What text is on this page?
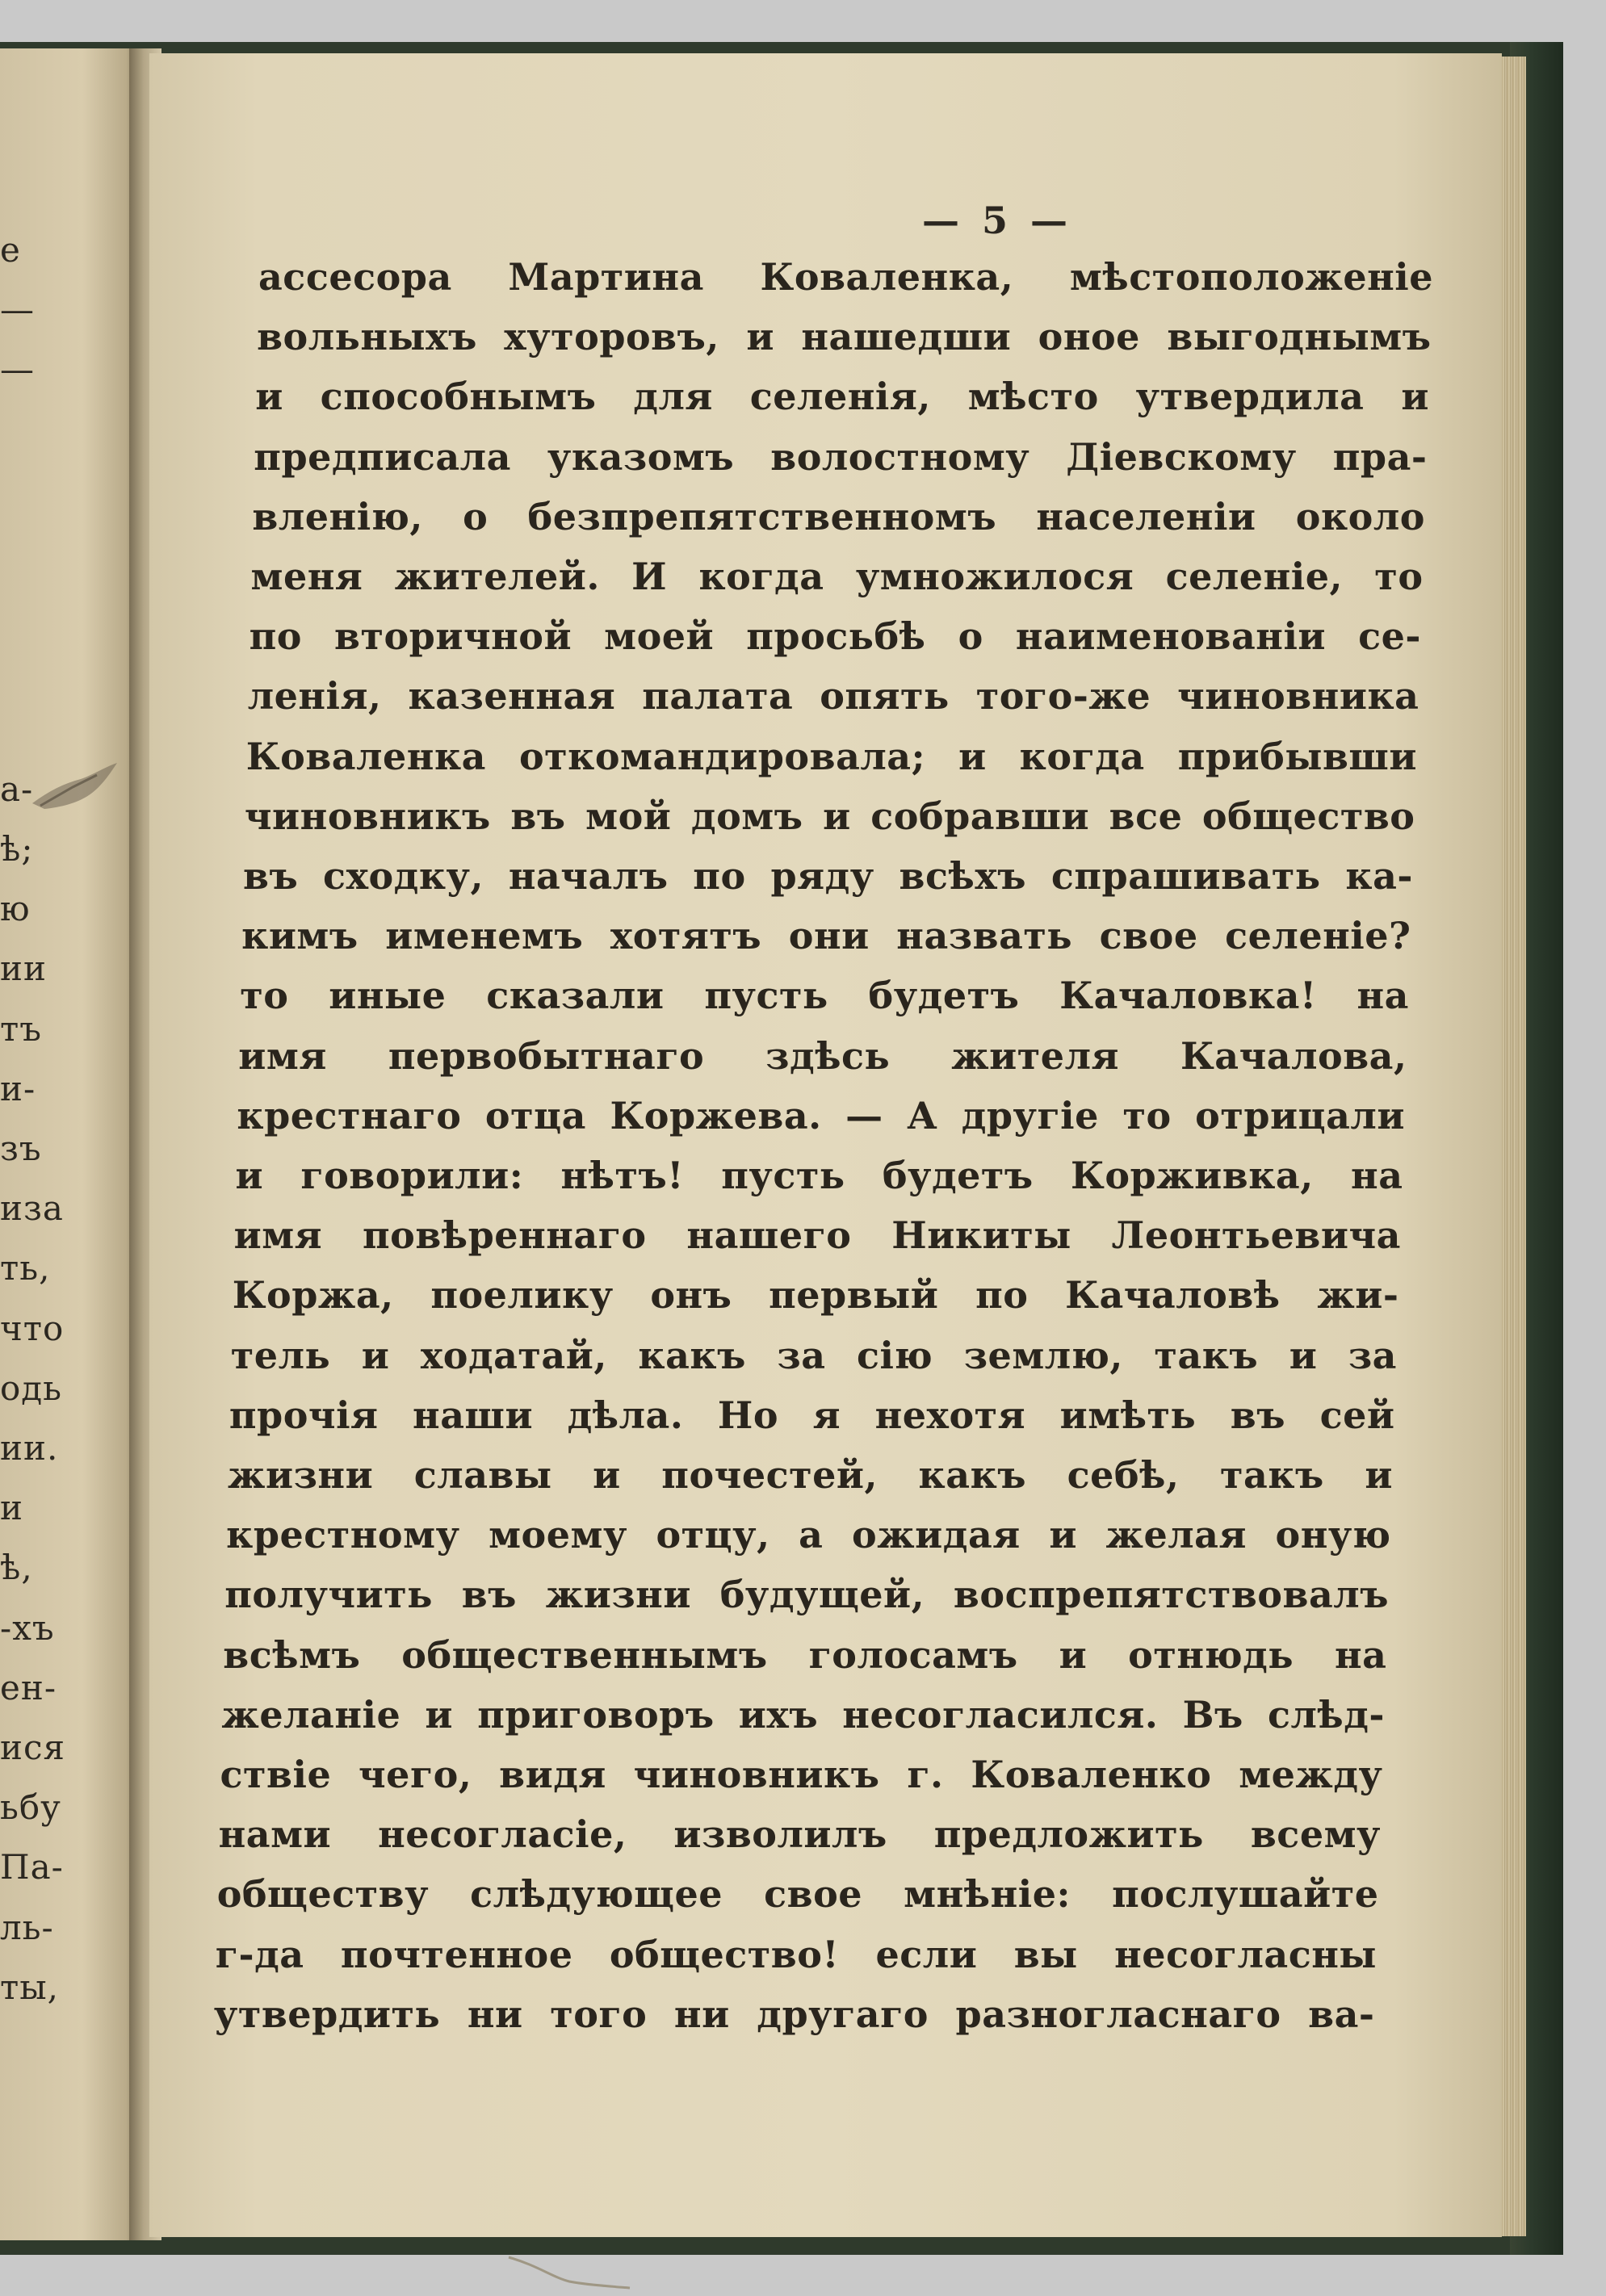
е
—
—
а-
ѣ;
ю
ии
тъ
и-
зъ
иза
ть,
что
одь
ии.
и
ѣ,
-хъ
ен-
ися
ьбу
Па-
ль-
ты,
— 5 —
ассесора Мартина Коваленка, мѣстоположеніе
вольныхъ хуторовъ, и нашедши оное выгоднымъ
и способнымъ для селенія, мѣсто утвердила и
предписала указомъ волостному Діевскому пра-
вленію, о безпрепятственномъ населеніи около
меня жителей. И когда умножилося селеніе, то
по вторичной моей просьбѣ о наименованіи се-
ленія, казенная палата опять того-же чиновника
Коваленка откомандировала; и когда прибывши
чиновникъ въ мой домъ и собравши все общество
въ сходку, началъ по ряду всѣхъ спрашивать ка-
кимъ именемъ хотятъ они назвать свое селеніе?
то иные сказали пусть будетъ Качаловка! на
имя первобытнаго здѣсь жителя Качалова,
крестнаго отца Коржева. — А другіе то отрицали
и говорили: нѣтъ! пусть будетъ Корживка, на
имя повѣреннаго нашего Никиты Леонтьевича
Коржа, поелику онъ первый по Качаловѣ жи-
тель и ходатай, какъ за сію землю, такъ и за
прочія наши дѣла. Но я нехотя имѣть въ сей
жизни славы и почестей, какъ себѣ, такъ и
крестному моему отцу, а ожидая и желая оную
получить въ жизни будущей, воспрепятствовалъ
всѣмъ общественнымъ голосамъ и отнюдь на
желаніе и приговоръ ихъ несогласился. Въ слѣд-
ствіе чего, видя чиновникъ г. Коваленко между
нами несогласіе, изволилъ предложить всему
обществу слѣдующее свое мнѣніе: послушайте
г-да почтенное общество! если вы несогласны
утвердить ни того ни другаго разногласнаго ва-
